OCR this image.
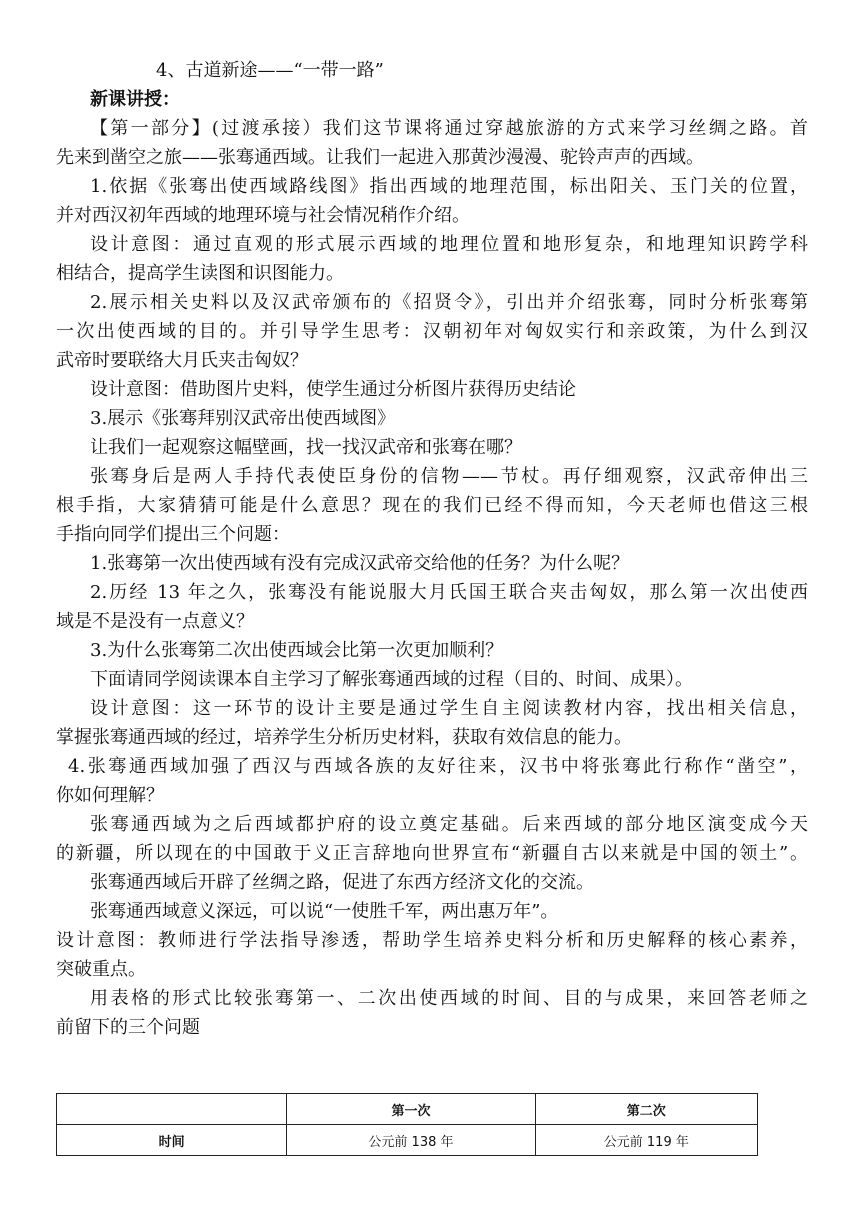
4、古道新途——“一带一路”

新课讲授：

【第一部分】(过渡承接）我们这节课将通过穿越旅游的方式来学习丝绸之路。首

先来到凿空之旅——张骞通西域。让我们一起进入那黄沙漫漫、驼铃声声的西域。

1.依据《张骞出使西域路线图》指出西域的地理范围，标出阳关、玉门关的位置，

并对西汉初年西域的地理环境与社会情况稍作介绍。

设计意图：通过直观的形式展示西域的地理位置和地形复杂，和地理知识跨学科

相结合，提高学生读图和识图能力。

2.展示相关史料以及汉武帝颁布的《招贤令》，引出并介绍张骞，同时分析张骞第

一次出使西域的目的。并引导学生思考：汉朝初年对匈奴实行和亲政策，为什么到汉

武帝时要联络大月氏夹击匈奴？

设计意图：借助图片史料，使学生通过分析图片获得历史结论

3.展示《张骞拜别汉武帝出使西域图》

让我们一起观察这幅壁画，找一找汉武帝和张骞在哪？

张骞身后是两人手持代表使臣身份的信物——节杖。再仔细观察，汉武帝伸出三

根手指，大家猜猜可能是什么意思？现在的我们已经不得而知，今天老师也借这三根

手指向同学们提出三个问题：

1.张骞第一次出使西域有没有完成汉武帝交给他的任务？为什么呢？

2.历经 13 年之久，张骞没有能说服大月氏国王联合夹击匈奴，那么第一次出使西

域是不是没有一点意义？

3.为什么张骞第二次出使西域会比第一次更加顺利？

下面请同学阅读课本自主学习了解张骞通西域的过程（目的、时间、成果）。

设计意图：这一环节的设计主要是通过学生自主阅读教材内容，找出相关信息，

掌握张骞通西域的经过，培养学生分析历史材料，获取有效信息的能力。

4.张骞通西域加强了西汉与西域各族的友好往来，汉书中将张骞此行称作“凿空”，

你如何理解？

张骞通西域为之后西域都护府的设立奠定基础。后来西域的部分地区演变成今天

的新疆，所以现在的中国敢于义正言辞地向世界宣布“新疆自古以来就是中国的领土”。

张骞通西域后开辟了丝绸之路，促进了东西方经济文化的交流。

张骞通西域意义深远，可以说“一使胜千军，两出惠万年”。

设计意图：教师进行学法指导渗透，帮助学生培养史料分析和历史解释的核心素养，

突破重点。

用表格的形式比较张骞第一、二次出使西域的时间、目的与成果，来回答老师之

前留下的三个问题

	第一次	第二次
时间	公元前 138 年	公元前 119 年
